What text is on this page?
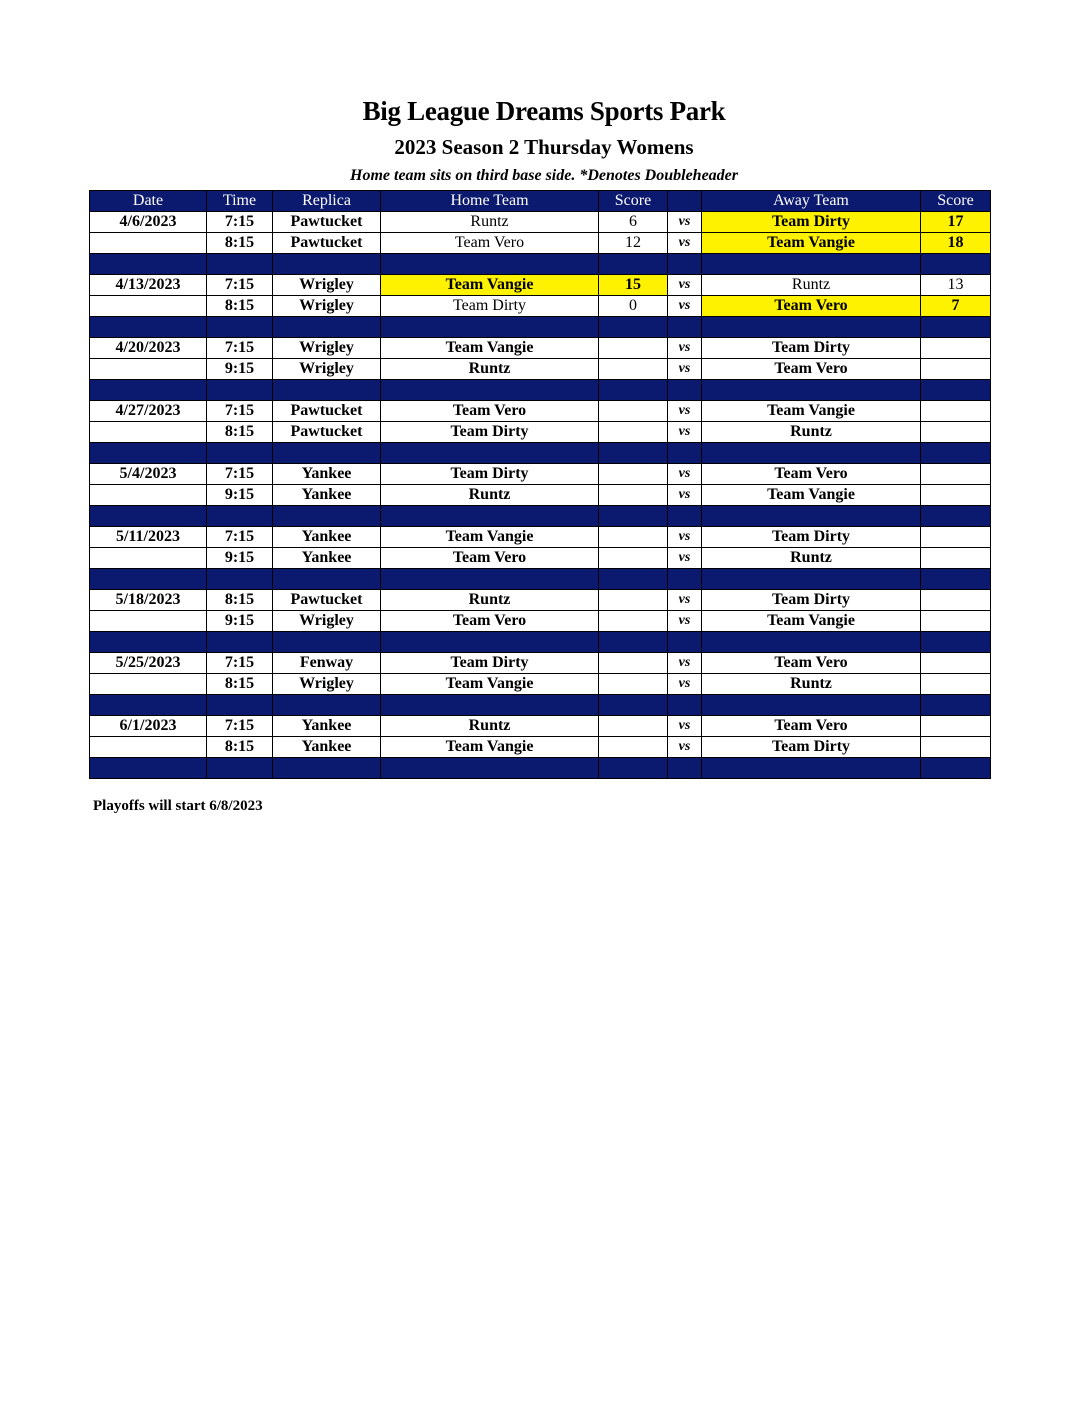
Big League Dreams Sports Park
2023 Season 2 Thursday Womens
Home team sits on third base side. *Denotes Doubleheader
Date	Time	Replica	Home Team	Score		Away Team	Score
4/6/2023	7:15	Pawtucket	Runtz	6	vs	Team Dirty	17
	8:15	Pawtucket	Team Vero	12	vs	Team Vangie	18

4/13/2023	7:15	Wrigley	Team Vangie	15	vs	Runtz	13
	8:15	Wrigley	Team Dirty	0	vs	Team Vero	7

4/20/2023	7:15	Wrigley	Team Vangie		vs	Team Dirty	
	9:15	Wrigley	Runtz		vs	Team Vero	

4/27/2023	7:15	Pawtucket	Team Vero		vs	Team Vangie	
	8:15	Pawtucket	Team Dirty		vs	Runtz	

5/4/2023	7:15	Yankee	Team Dirty		vs	Team Vero	
	9:15	Yankee	Runtz		vs	Team Vangie	

5/11/2023	7:15	Yankee	Team Vangie		vs	Team Dirty	
	9:15	Yankee	Team Vero		vs	Runtz	

5/18/2023	8:15	Pawtucket	Runtz		vs	Team Dirty	
	9:15	Wrigley	Team Vero		vs	Team Vangie	

5/25/2023	7:15	Fenway	Team Dirty		vs	Team Vero	
	8:15	Wrigley	Team Vangie		vs	Runtz	

6/1/2023	7:15	Yankee	Runtz		vs	Team Vero	
	8:15	Yankee	Team Vangie		vs	Team Dirty	

Playoffs will start 6/8/2023
